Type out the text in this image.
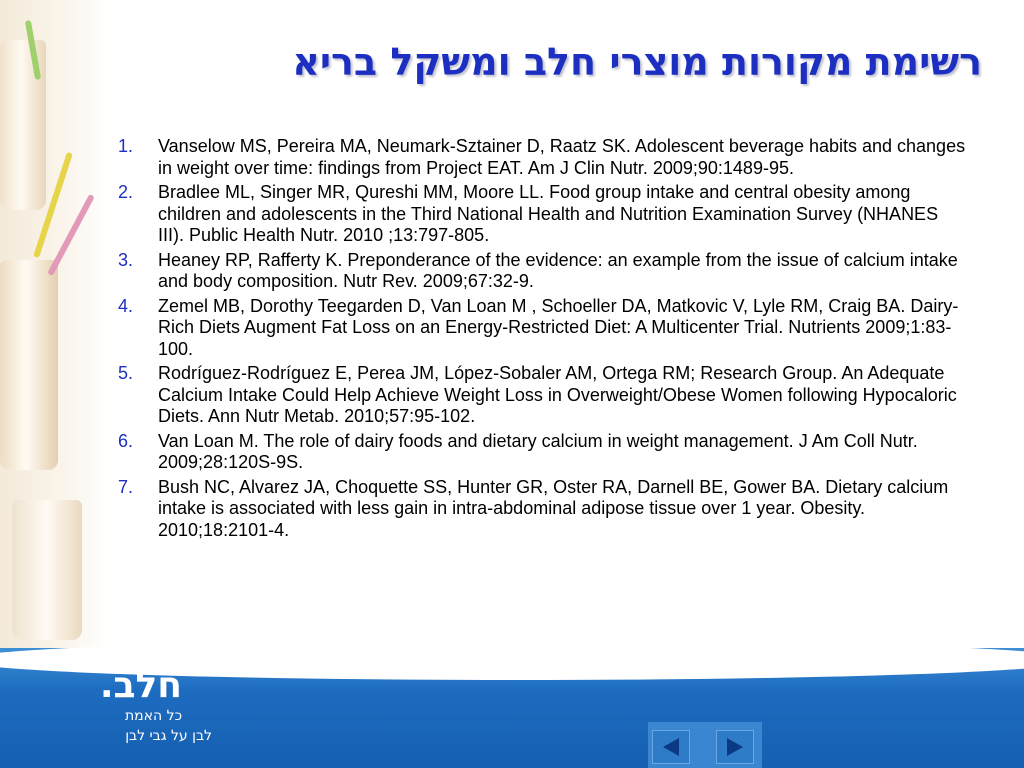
חלב.
כל האמת
לבן על גבי לבן
רשימת מקורות מוצרי חלב ומשקל בריא
1. Vanselow MS, Pereira MA, Neumark-Sztainer D, Raatz SK. Adolescent beverage habits and changes in weight over time: findings from Project EAT. Am J Clin Nutr. 2009;90:1489-95.
2. Bradlee ML, Singer MR, Qureshi MM, Moore LL. Food group intake and central obesity among children and adolescents in the Third National Health and Nutrition Examination Survey (NHANES III). Public Health Nutr. 2010 ;13:797-805.
3. Heaney RP, Rafferty K. Preponderance of the evidence: an example from the issue of calcium intake and body composition. Nutr Rev. 2009;67:32-9.
4. Zemel MB, Dorothy Teegarden D, Van Loan M , Schoeller DA, Matkovic V, Lyle RM, Craig BA. Dairy-Rich Diets Augment Fat Loss on an Energy-Restricted Diet: A Multicenter Trial. Nutrients 2009;1:83-100.
5. Rodríguez-Rodríguez E, Perea JM, López-Sobaler AM, Ortega RM; Research Group. An Adequate Calcium Intake Could Help Achieve Weight Loss in Overweight/Obese Women following Hypocaloric Diets. Ann Nutr Metab. 2010;57:95-102.
6. Van Loan M. The role of dairy foods and dietary calcium in weight management. J Am Coll Nutr. 2009;28:120S-9S.
7. Bush NC, Alvarez JA, Choquette SS, Hunter GR, Oster RA, Darnell BE, Gower BA. Dietary calcium intake is associated with less gain in intra-abdominal adipose tissue over 1 year. Obesity. 2010;18:2101-4.
